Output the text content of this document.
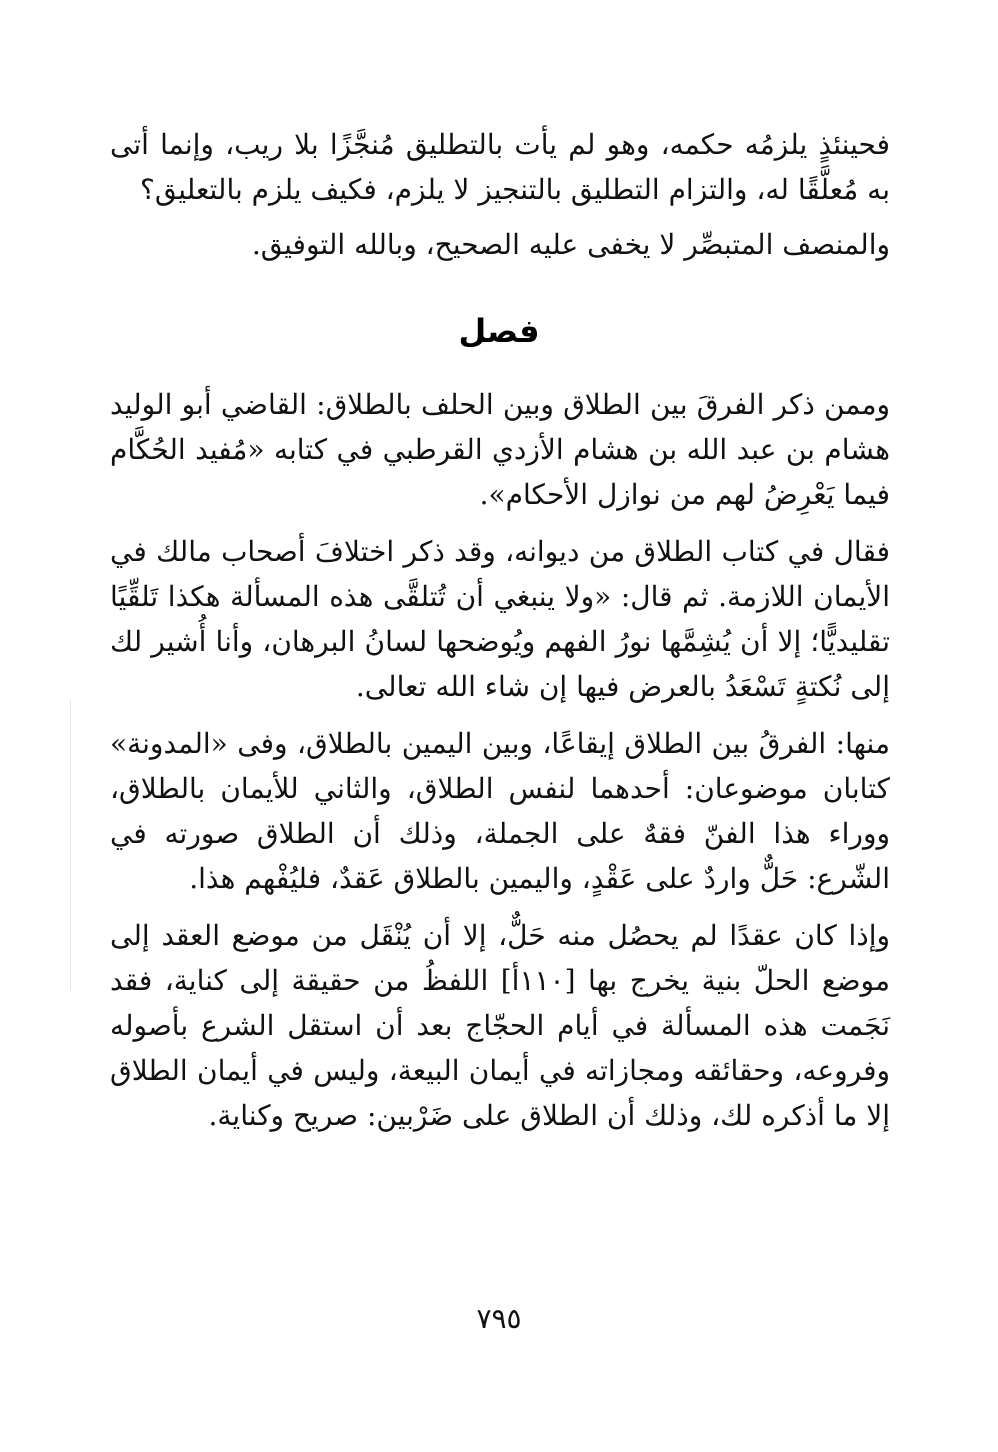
فحينئذٍ يلزمُه حكمه، وهو لم يأت بالتطليق مُنجَّزًا بلا ريب، وإنما أتى به مُعلَّقًا له، والتزام التطليق بالتنجيز لا يلزم، فكيف يلزم بالتعليق؟

والمنصف المتبصِّر لا يخفى عليه الصحيح، وبالله التوفيق.

فصل

وممن ذكر الفرقَ بين الطلاق وبين الحلف بالطلاق: القاضي أبو الوليد هشام بن عبد الله بن هشام الأزدي القرطبي في كتابه «مُفيد الحُكَّام فيما يَعْرِضُ لهم من نوازل الأحكام».

فقال في كتاب الطلاق من ديوانه، وقد ذكر اختلافَ أصحاب مالك في الأيمان اللازمة. ثم قال: «ولا ينبغي أن تُتلقَّى هذه المسألة هكذا تَلقِّيًا تقليديًّا؛ إلا أن يُشِمَّها نورُ الفهم ويُوضحها لسانُ البرهان، وأنا أُشير لك إلى نُكتةٍ تَسْعَدُ بالعرض فيها إن شاء الله تعالى.

منها: الفرقُ بين الطلاق إيقاعًا، وبين اليمين بالطلاق، وفى «المدونة» كتابان موضوعان: أحدهما لنفس الطلاق، والثاني للأيمان بالطلاق، ووراء هذا الفنّ فقهٌ على الجملة، وذلك أن الطلاق صورته في الشّرع: حَلٌّ واردٌ على عَقْدٍ، واليمين بالطلاق عَقدٌ، فليُفْهم هذا.

وإذا كان عقدًا لم يحصُل منه حَلٌّ، إلا أن يُنْقَل من موضع العقد إلى موضع الحلّ بنية يخرج بها [١١٠أ] اللفظُ من حقيقة إلى كناية، فقد نَجَمت هذه المسألة في أيام الحجّاج بعد أن استقل الشرع بأصوله وفروعه، وحقائقه ومجازاته في أيمان البيعة، وليس في أيمان الطلاق إلا ما أذكره لك، وذلك أن الطلاق على ضَرْبين: صريح وكناية.

٧٩٥
